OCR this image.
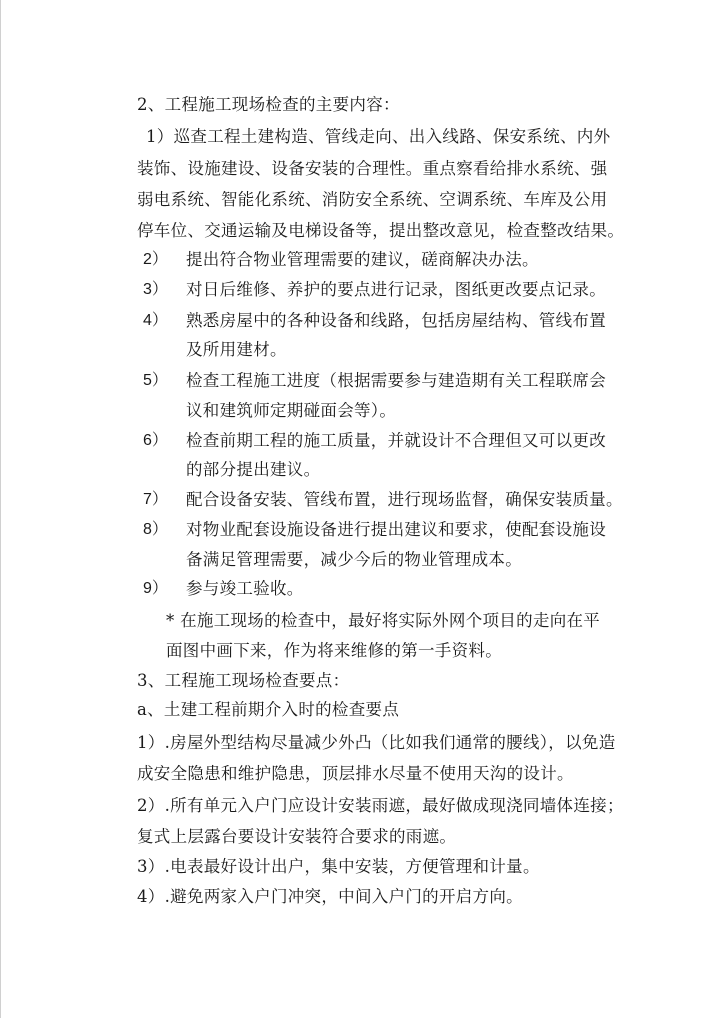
2、工程施工现场检查的主要内容：
1）巡查工程土建构造、管线走向、出入线路、保安系统、内外
装饰、设施建设、设备安装的合理性。重点察看给排水系统、强
弱电系统、智能化系统、消防安全系统、空调系统、车库及公用
停车位、交通运输及电梯设备等，提出整改意见，检查整改结果。
2） 提出符合物业管理需要的建议，磋商解决办法。
3） 对日后维修、养护的要点进行记录，图纸更改要点记录。
4） 熟悉房屋中的各种设备和线路，包括房屋结构、管线布置
及所用建材。
5） 检查工程施工进度（根据需要参与建造期有关工程联席会
议和建筑师定期碰面会等）。
6） 检查前期工程的施工质量，并就设计不合理但又可以更改
的部分提出建议。
7） 配合设备安装、管线布置，进行现场监督，确保安装质量。
8） 对物业配套设施设备进行提出建议和要求，使配套设施设
备满足管理需要，减少今后的物业管理成本。
9） 参与竣工验收。
* 在施工现场的检查中，最好将实际外网个项目的走向在平
面图中画下来，作为将来维修的第一手资料。
3、工程施工现场检查要点：
a、土建工程前期介入时的检查要点
1）.房屋外型结构尽量减少外凸（比如我们通常的腰线），以免造
成安全隐患和维护隐患，顶层排水尽量不使用天沟的设计。
2）.所有单元入户门应设计安装雨遮，最好做成现浇同墙体连接；
复式上层露台要设计安装符合要求的雨遮。
3）.电表最好设计出户，集中安装，方便管理和计量。
4）.避免两家入户门冲突，中间入户门的开启方向。
